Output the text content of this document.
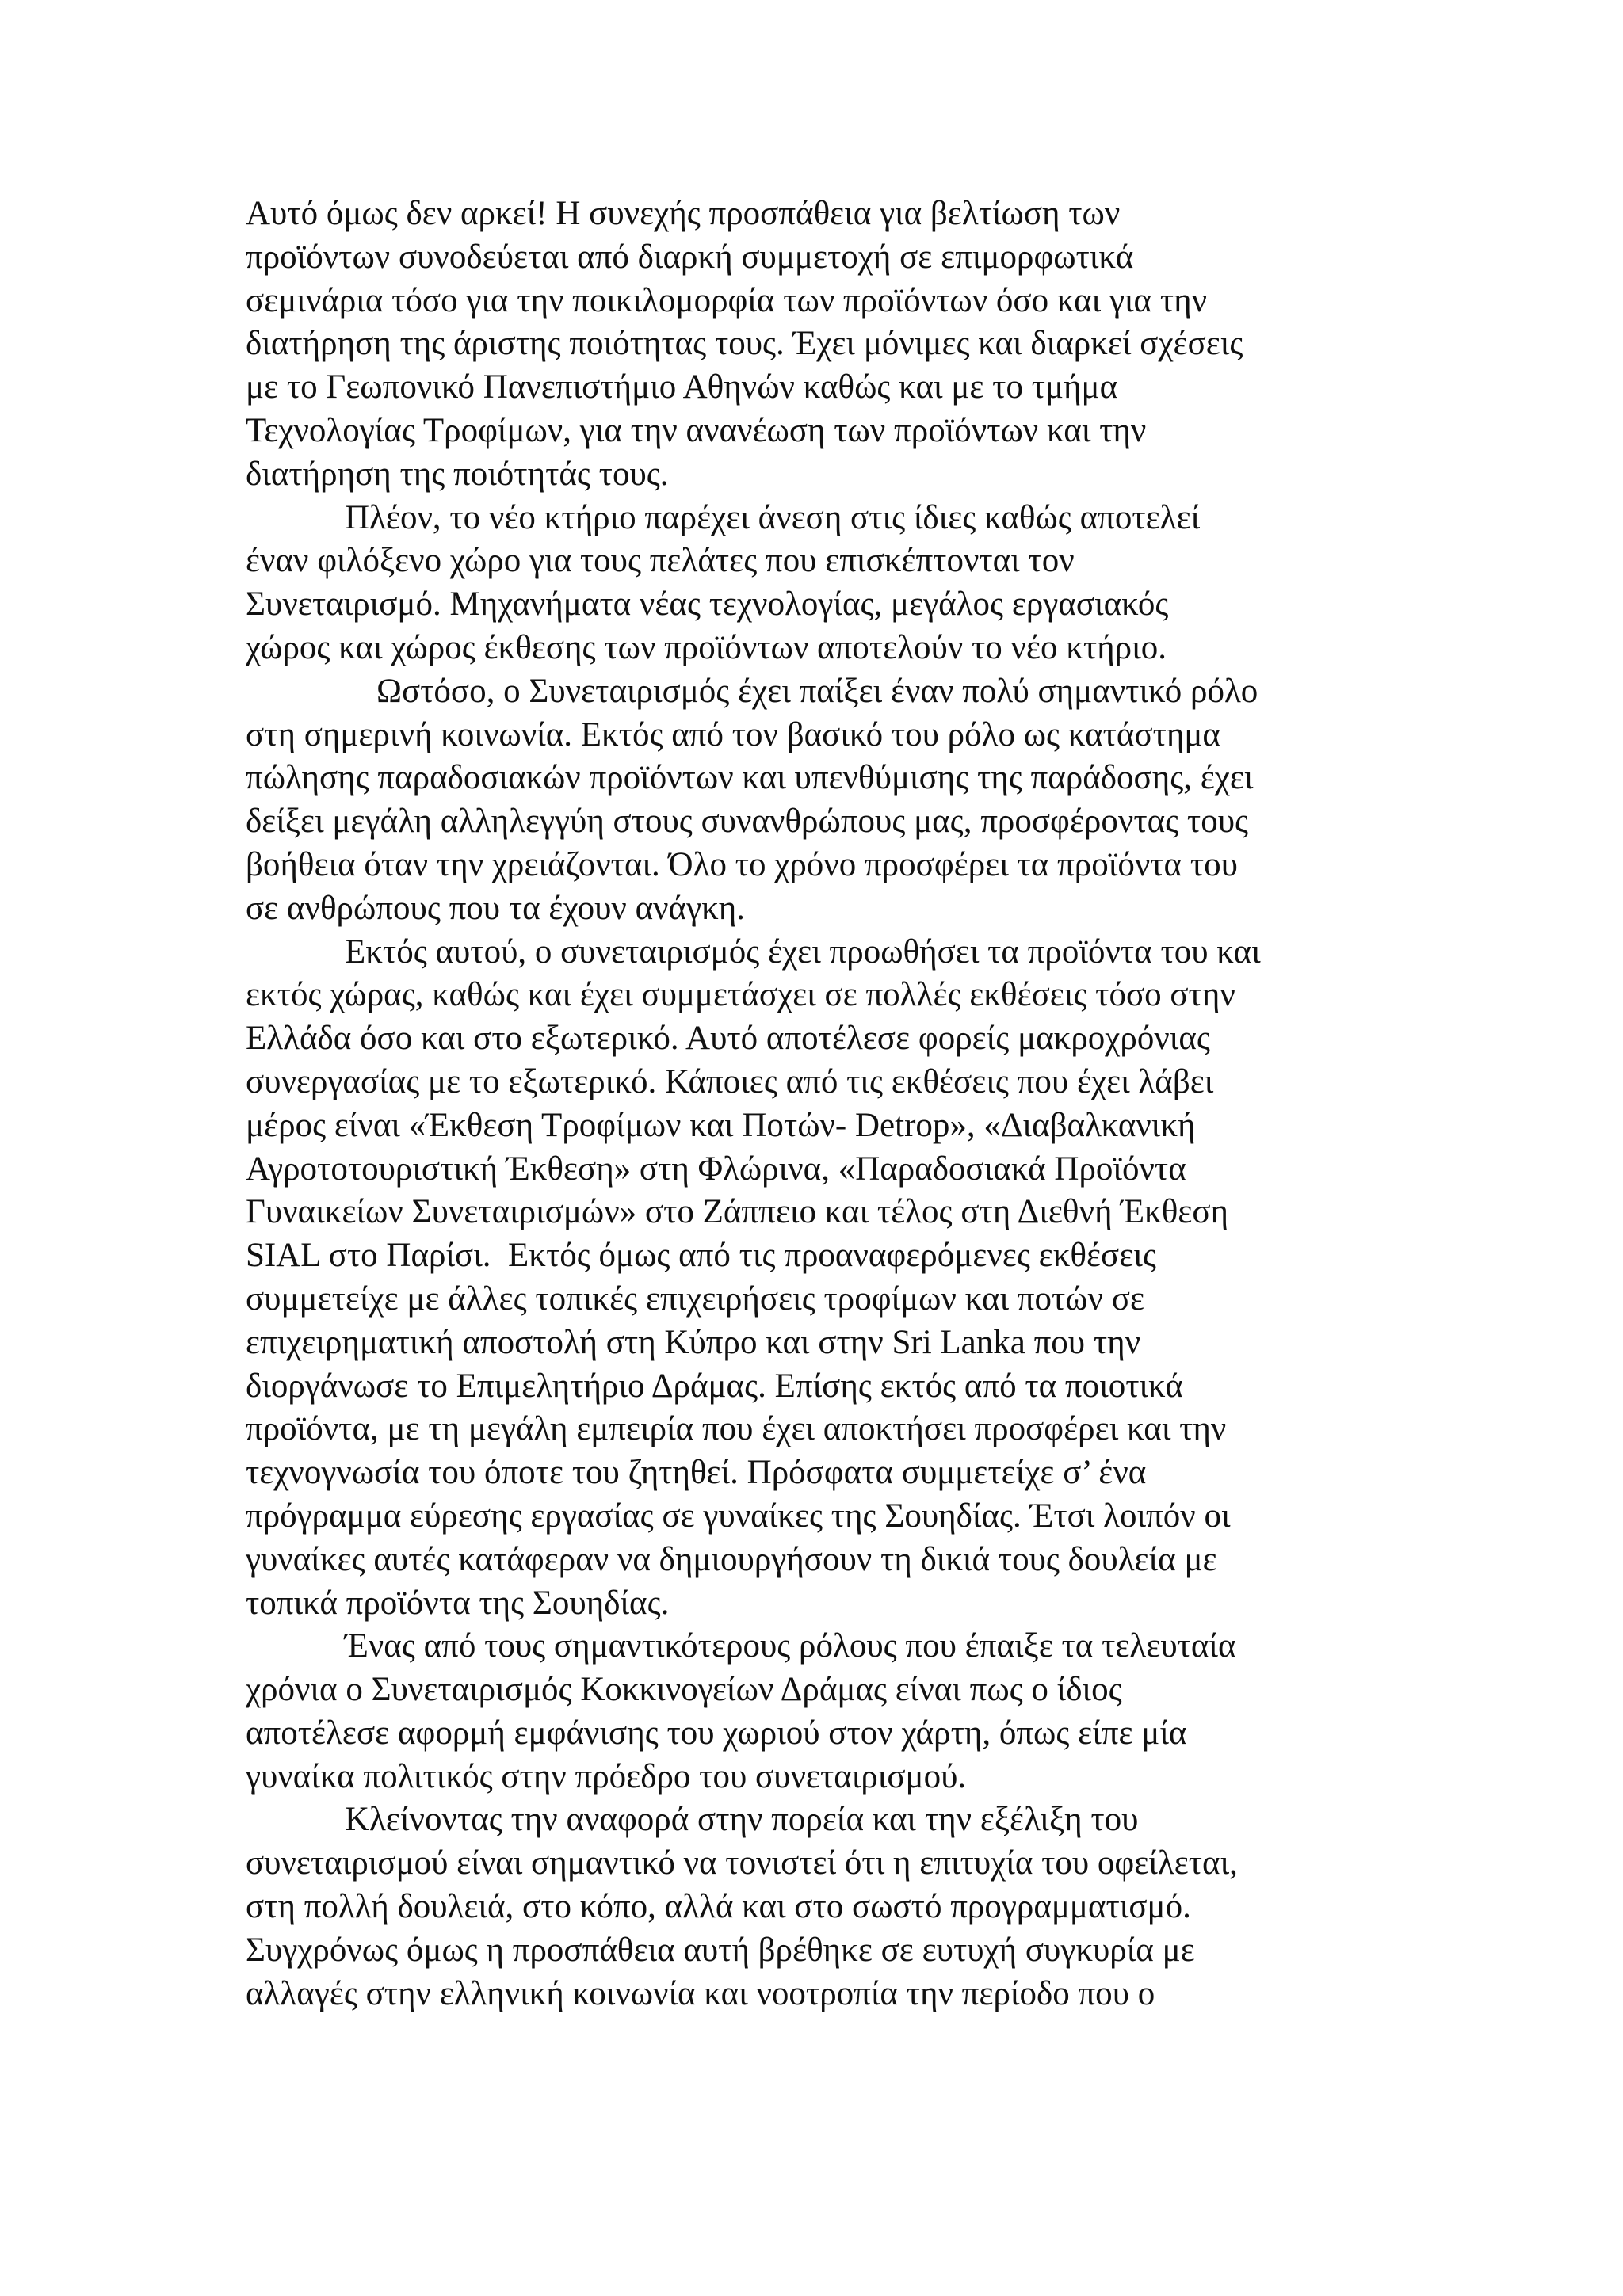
Αυτό όμως δεν αρκεί! Η συνεχής προσπάθεια για βελτίωση των
προϊόντων συνοδεύεται από διαρκή συμμετοχή σε επιμορφωτικά
σεμινάρια τόσο για την ποικιλομορφία των προϊόντων όσο και για την
διατήρηση της άριστης ποιότητας τους. Έχει μόνιμες και διαρκεί σχέσεις
με το Γεωπονικό Πανεπιστήμιο Αθηνών καθώς και με το τμήμα
Τεχνολογίας Τροφίμων, για την ανανέωση των προϊόντων και την
διατήρηση της ποιότητάς τους.
Πλέον, το νέο κτήριο παρέχει άνεση στις ίδιες καθώς αποτελεί
έναν φιλόξενο χώρο για τους πελάτες που επισκέπτονται τον
Συνεταιρισμό. Μηχανήματα νέας τεχνολογίας, μεγάλος εργασιακός
χώρος και χώρος έκθεσης των προϊόντων αποτελούν το νέο κτήριο.
Ωστόσο, ο Συνεταιρισμός έχει παίξει έναν πολύ σημαντικό ρόλο
στη σημερινή κοινωνία. Εκτός από τον βασικό του ρόλο ως κατάστημα
πώλησης παραδοσιακών προϊόντων και υπενθύμισης της παράδοσης, έχει
δείξει μεγάλη αλληλεγγύη στους συνανθρώπους μας, προσφέροντας τους
βοήθεια όταν την χρειάζονται. Όλο το χρόνο προσφέρει τα προϊόντα του
σε ανθρώπους που τα έχουν ανάγκη.
Εκτός αυτού, ο συνεταιρισμός έχει προωθήσει τα προϊόντα του και
εκτός χώρας, καθώς και έχει συμμετάσχει σε πολλές εκθέσεις τόσο στην
Ελλάδα όσο και στο εξωτερικό. Αυτό αποτέλεσε φορείς μακροχρόνιας
συνεργασίας με το εξωτερικό. Κάποιες από τις εκθέσεις που έχει λάβει
μέρος είναι «Έκθεση Τροφίμων και Ποτών- Detrop», «Διαβαλκανική
Αγροτοτουριστική Έκθεση» στη Φλώρινα, «Παραδοσιακά Προϊόντα
Γυναικείων Συνεταιρισμών» στο Ζάππειο και τέλος στη Διεθνή Έκθεση
SIAL στο Παρίσι.  Εκτός όμως από τις προαναφερόμενες εκθέσεις
συμμετείχε με άλλες τοπικές επιχειρήσεις τροφίμων και ποτών σε
επιχειρηματική αποστολή στη Κύπρο και στην Sri Lanka που την
διοργάνωσε το Επιμελητήριο Δράμας. Επίσης εκτός από τα ποιοτικά
προϊόντα, με τη μεγάλη εμπειρία που έχει αποκτήσει προσφέρει και την
τεχνογνωσία του όποτε του ζητηθεί. Πρόσφατα συμμετείχε σ’ ένα
πρόγραμμα εύρεσης εργασίας σε γυναίκες της Σουηδίας. Έτσι λοιπόν οι
γυναίκες αυτές κατάφεραν να δημιουργήσουν τη δικιά τους δουλεία με
τοπικά προϊόντα της Σουηδίας.
Ένας από τους σημαντικότερους ρόλους που έπαιξε τα τελευταία
χρόνια ο Συνεταιρισμός Κοκκινογείων Δράμας είναι πως ο ίδιος
αποτέλεσε αφορμή εμφάνισης του χωριού στον χάρτη, όπως είπε μία
γυναίκα πολιτικός στην πρόεδρο του συνεταιρισμού.
Κλείνοντας την αναφορά στην πορεία και την εξέλιξη του
συνεταιρισμού είναι σημαντικό να τονιστεί ότι η επιτυχία του οφείλεται,
στη πολλή δουλειά, στο κόπο, αλλά και στο σωστό προγραμματισμό.
Συγχρόνως όμως η προσπάθεια αυτή βρέθηκε σε ευτυχή συγκυρία με
αλλαγές στην ελληνική κοινωνία και νοοτροπία την περίοδο που ο
